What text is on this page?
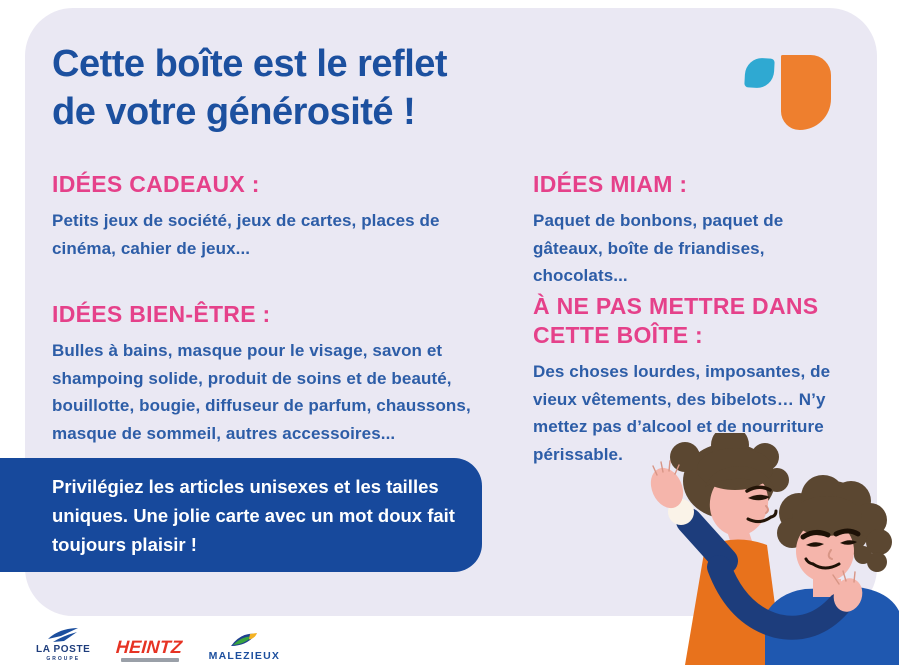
Cette boîte est le reflet
de votre générosité !
IDÉES CADEAUX :

Petits jeux de société, jeux de cartes, places de cinéma, cahier de jeux...

IDÉES BIEN-ÊTRE :

Bulles à bains, masque pour le visage, savon et shampoing solide, produit de soins et de beauté, bouillotte, bougie, diffuseur de parfum, chaussons, masque de sommeil, autres accessoires...

IDÉES MIAM :

Paquet de bonbons, paquet de gâteaux, boîte de friandises, chocolats...

À NE PAS METTRE DANS CETTE BOÎTE :

Des choses lourdes, imposantes, de vieux vêtements, des bibelots… N’y mettez pas d’alcool et de nourriture périssable.

Privilégiez les articles unisexes et les tailles uniques. Une jolie carte avec un mot doux fait toujours plaisir !

LA POSTE
GROUPE
HEINTZ MALEZIEUX
